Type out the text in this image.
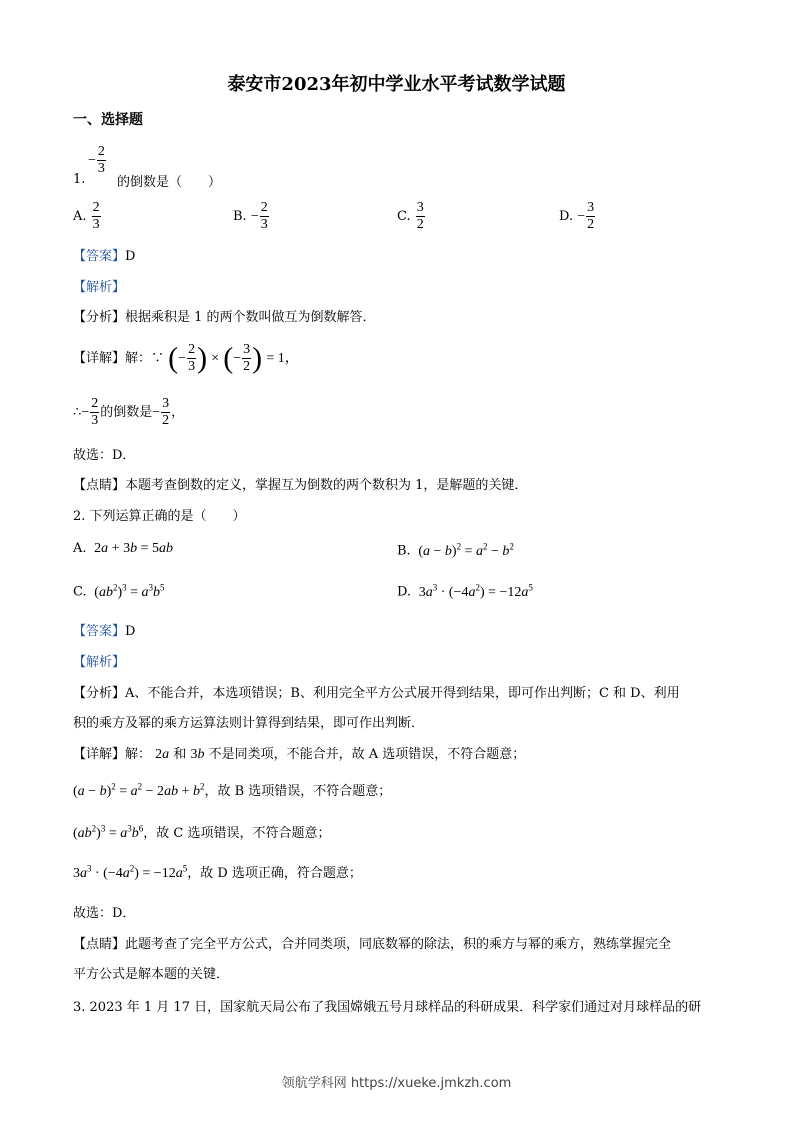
泰安市2023年初中学业水平考试数学试题
一、选择题
− $\frac{2}{3}$
1. 的倒数是（　　）
A. $\frac{2}{3}$	B. − $\frac{2}{3}$	C. $\frac{3}{2}$	D. − $\frac{3}{2}$
【答案】D
【解析】
【分析】根据乘积是 1 的两个数叫做互为倒数解答．
【详解】解：∵ (− $\frac{2}{3}$ ) × (− $\frac{3}{2}$ ) = 1，
∴− $\frac{2}{3}$ 的倒数是− $\frac{3}{2}$ ，
故选：D．
【点睛】本题考查倒数的定义，掌握互为倒数的两个数积为 1，是解题的关键．
2. 下列运算正确的是（　　）
A. 2a + 3b = 5ab	B. $(a - b)^2 = a^2 - b^2$
C. $(ab^2)^3 = a^3b^5$	D. $3a^3 \cdot (-4a^2) = -12a^5$
【答案】D
【解析】
【分析】A、不能合并，本选项错误；B、利用完全平方公式展开得到结果，即可作出判断；C 和 D、利用
积的乘方及幂的乘方运算法则计算得到结果，即可作出判断．
【详解】解： 2a 和 3b 不是同类项，不能合并，故 A 选项错误，不符合题意；
$(a - b)^2 = a^2 - 2ab + b^2$，故 B 选项错误，不符合题意；
$(ab^2)^3 = a^3b^6$，故 C 选项错误，不符合题意；
$3a^3 \cdot (-4a^2) = -12a^5$，故 D 选项正确，符合题意；
故选：D．
【点睛】此题考查了完全平方公式，合并同类项，同底数幂的除法，积的乘方与幂的乘方，熟练掌握完全
平方公式是解本题的关键．
3. 2023 年 1 月 17 日，国家航天局公布了我国嫦娥五号月球样品的科研成果．科学家们通过对月球样品的研
领航学科网 https://xueke.jmkzh.com
